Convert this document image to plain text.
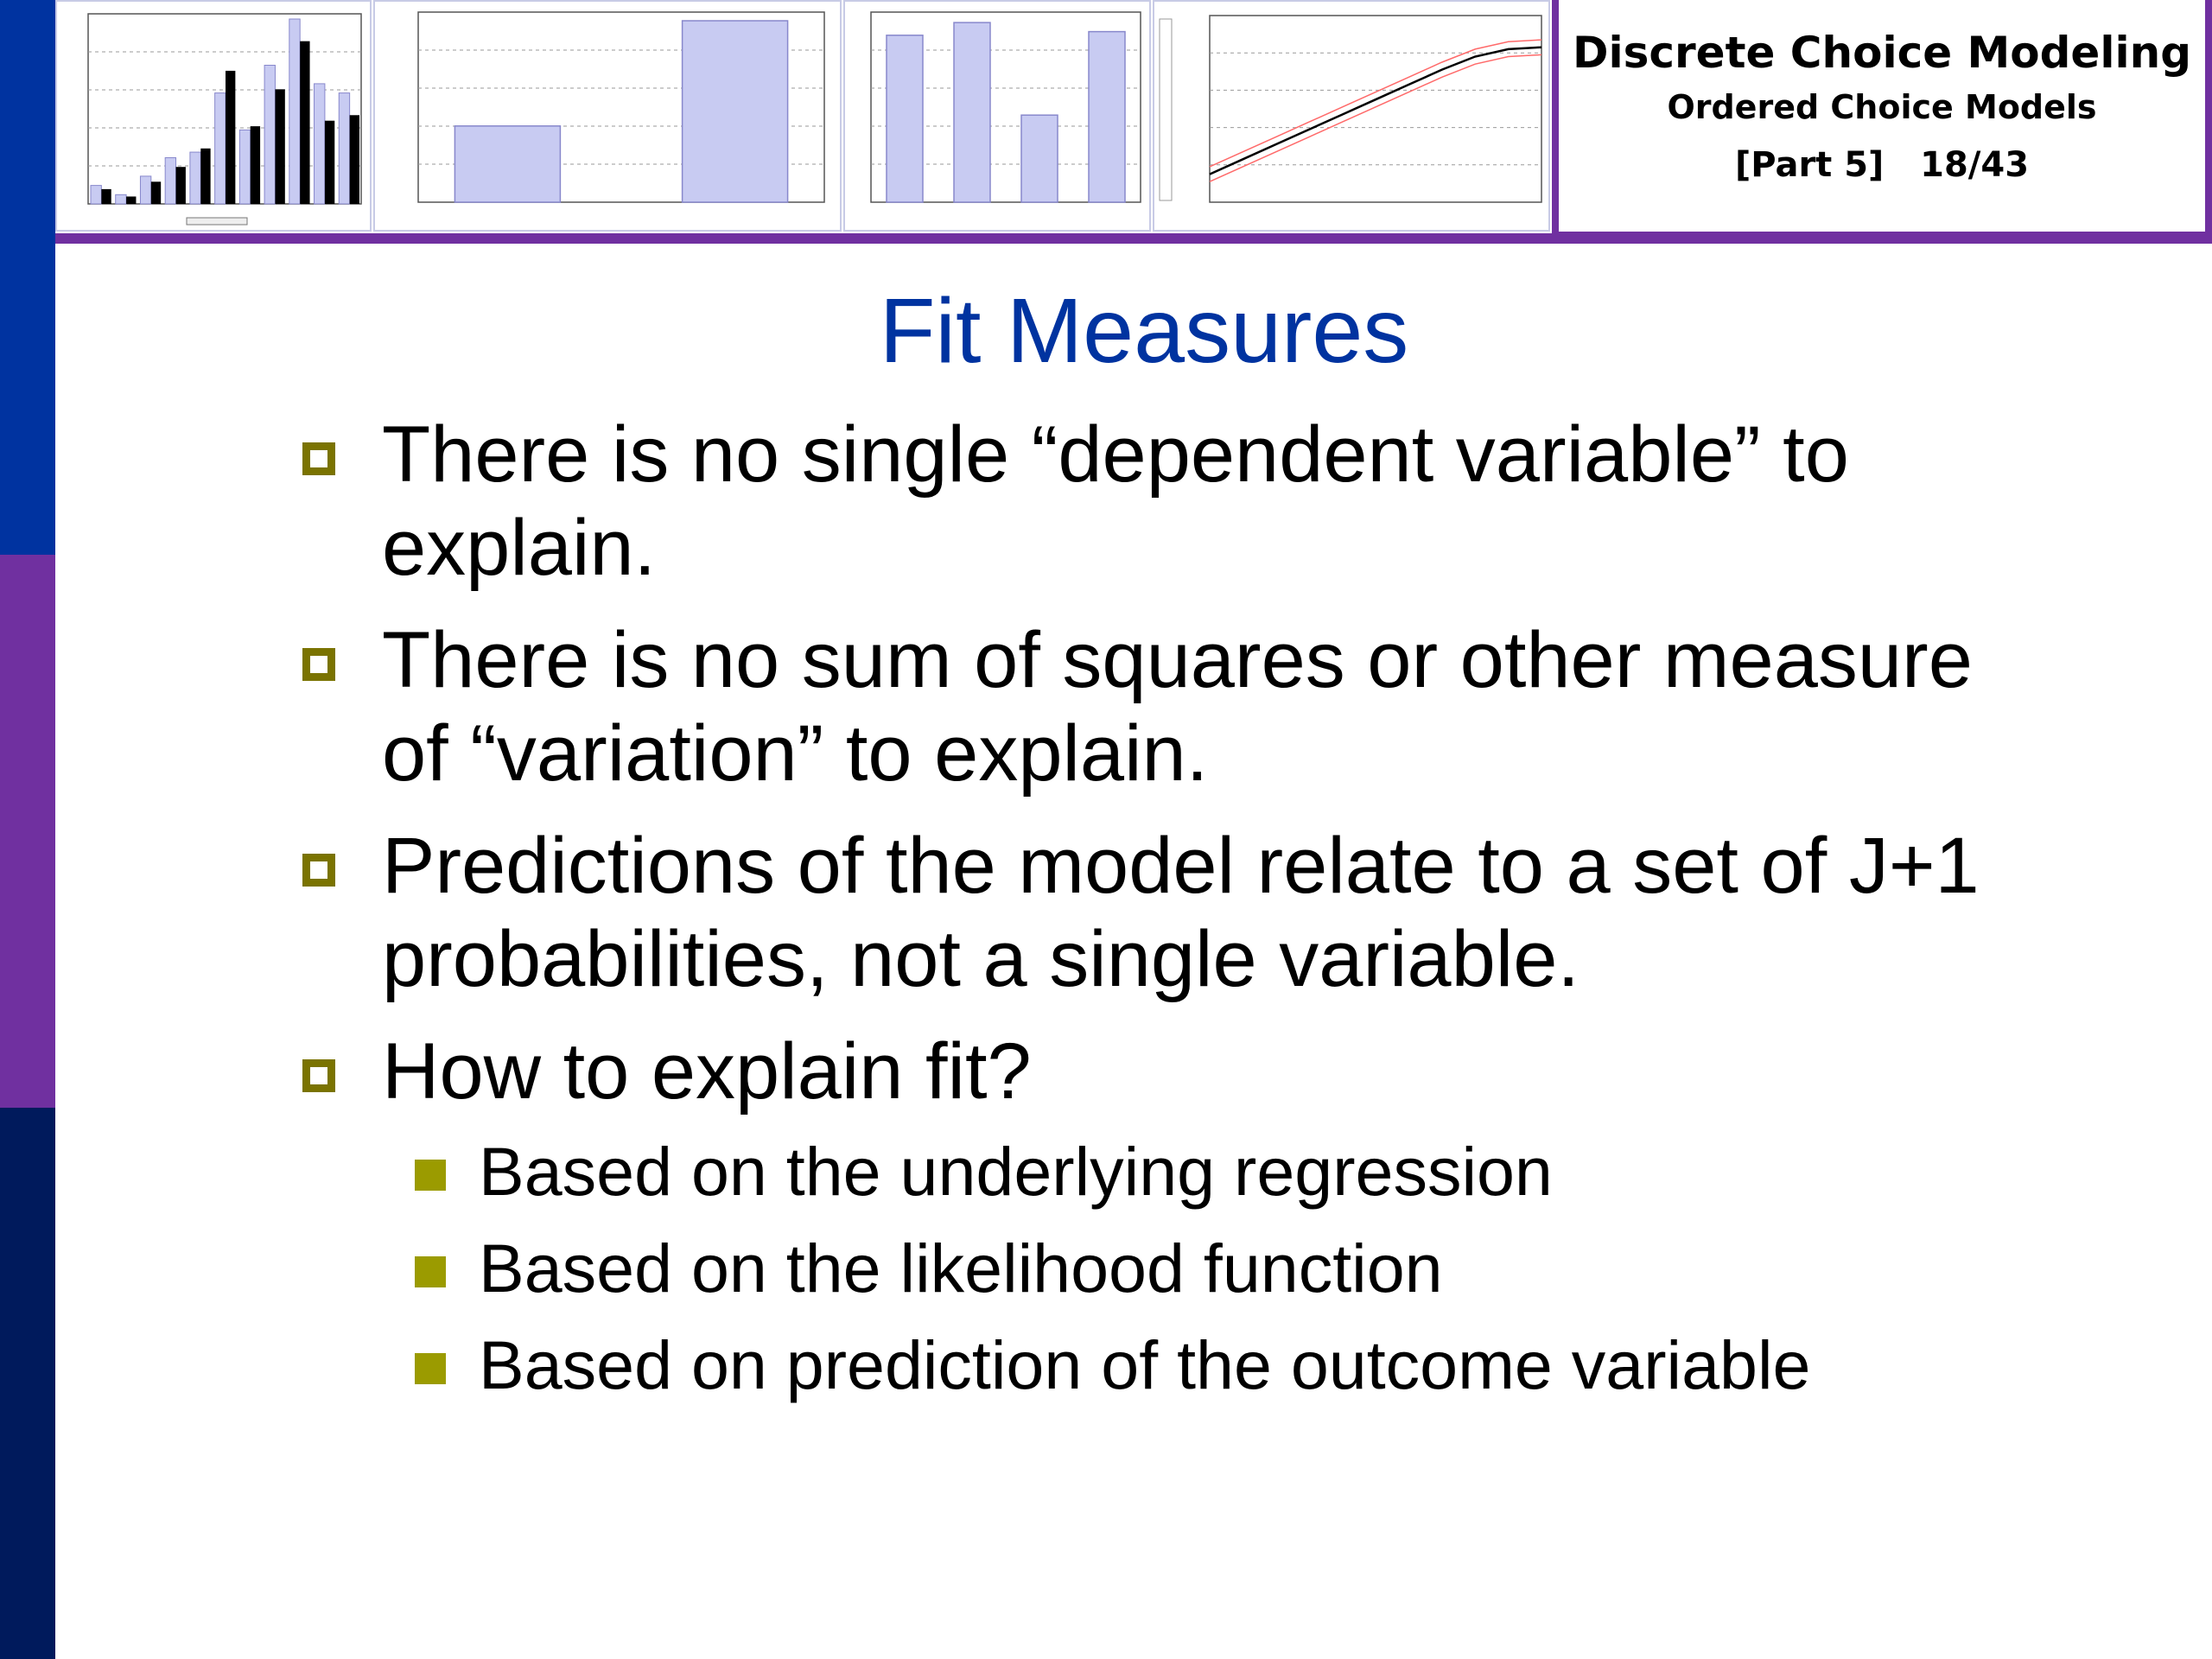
Discrete Choice Modeling
Ordered Choice Models
[Part 5]   18/43
Fit Measures
There is no single “dependent variable” to explain.
There is no sum of squares or other measure of “variation” to explain.
Predictions of the model relate to a set of J+1 probabilities, not a single variable.
How to explain fit?
Based on the underlying regression
Based on the likelihood function
Based on prediction of the outcome variable
